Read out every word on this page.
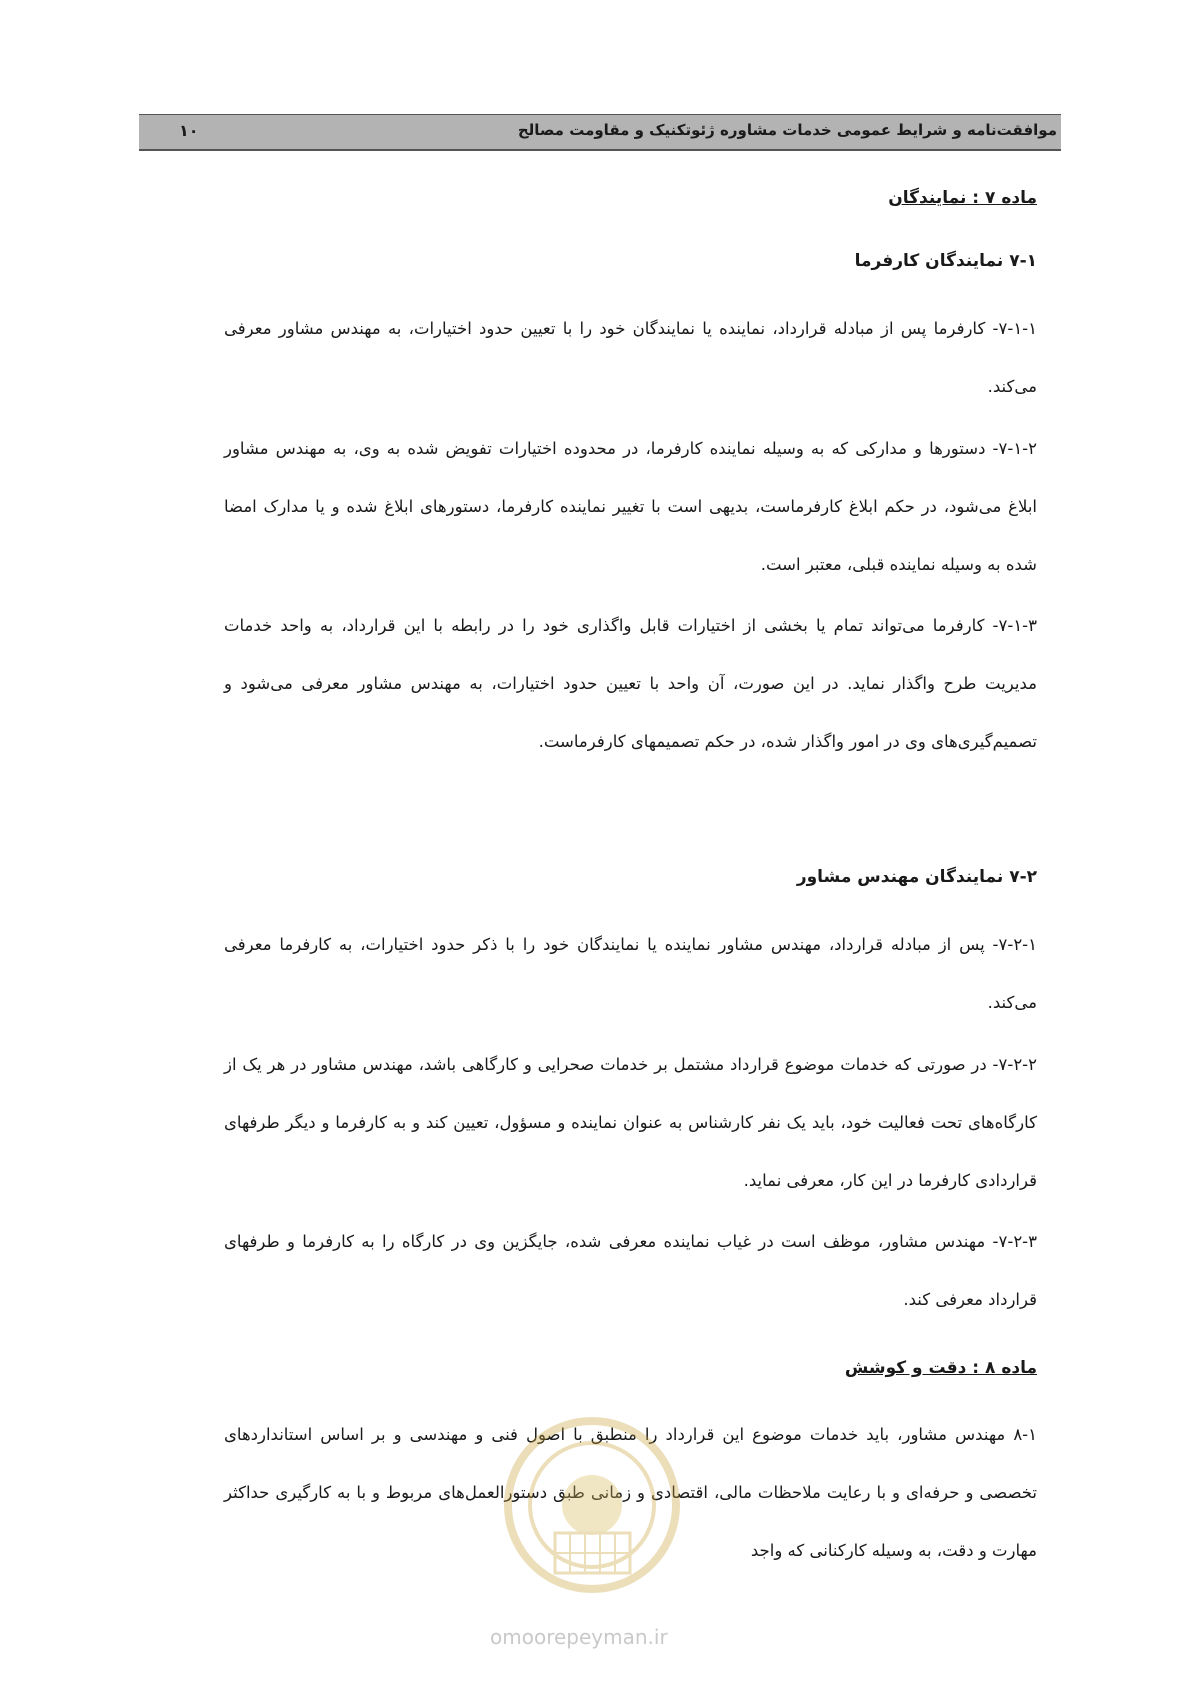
موافقت‌نامه و شرایط عمومی خدمات مشاوره ژئوتکنیک و مقاومت مصالح
۱۰
ماده ۷ : نمایندگان
۷-۱ نمایندگان کارفرما

۷-۱-۱- کارفرما پس از مبادله قرارداد، نماینده یا نمایندگان خود را با تعیین حدود اختیارات، به مهندس مشاور معرفی می‌کند.

۷-۱-۲- دستورها و مدارکی که به وسیله نماینده کارفرما، در محدوده اختیارات تفویض شده به وی، به مهندس مشاور ابلاغ می‌شود، در حکم ابلاغ کارفرماست، بدیهی است با تغییر نماینده کارفرما، دستورهای ابلاغ شده و یا مدارک امضا شده به وسیله نماینده قبلی، معتبر است.

۷-۱-۳- کارفرما می‌تواند تمام یا بخشی از اختیارات قابل واگذاری خود را در رابطه با این قرارداد، به واحد خدمات مدیریت طرح واگذار نماید. در این صورت، آن واحد با تعیین حدود اختیارات، به مهندس مشاور معرفی می‌شود و تصمیم‌گیری‌های وی در امور واگذار شده، در حکم تصمیمهای کارفرماست.

۷-۲ نمایندگان مهندس مشاور

۷-۲-۱- پس از مبادله قرارداد، مهندس مشاور نماینده یا نمایندگان خود را با ذکر حدود اختیارات، به کارفرما معرفی می‌کند.

۷-۲-۲- در صورتی که خدمات موضوع قرارداد مشتمل بر خدمات صحرایی و کارگاهی باشد، مهندس مشاور در هر یک از کارگاه‌های تحت فعالیت خود، باید یک نفر کارشناس به عنوان نماینده و مسؤول، تعیین کند و به کارفرما و دیگر طرفهای قراردادی کارفرما در این کار، معرفی نماید.

۷-۲-۳- مهندس مشاور، موظف است در غیاب نماینده معرفی شده، جایگزین وی در کارگاه را به کارفرما و طرفهای قرارداد معرفی کند.

ماده ۸ : دقت و کوشش

۸-۱ مهندس مشاور، باید خدمات موضوع این قرارداد را منطبق با اصول فنی و مهندسی و بر اساس استانداردهای تخصصی و حرفه‌ای و با رعایت ملاحظات مالی، اقتصادی و زمانی طبق دستورالعمل‌های مربوط و با به کارگیری حداکثر مهارت و دقت، به وسیله کارکنانی که واجد

omoorepeyman.ir
